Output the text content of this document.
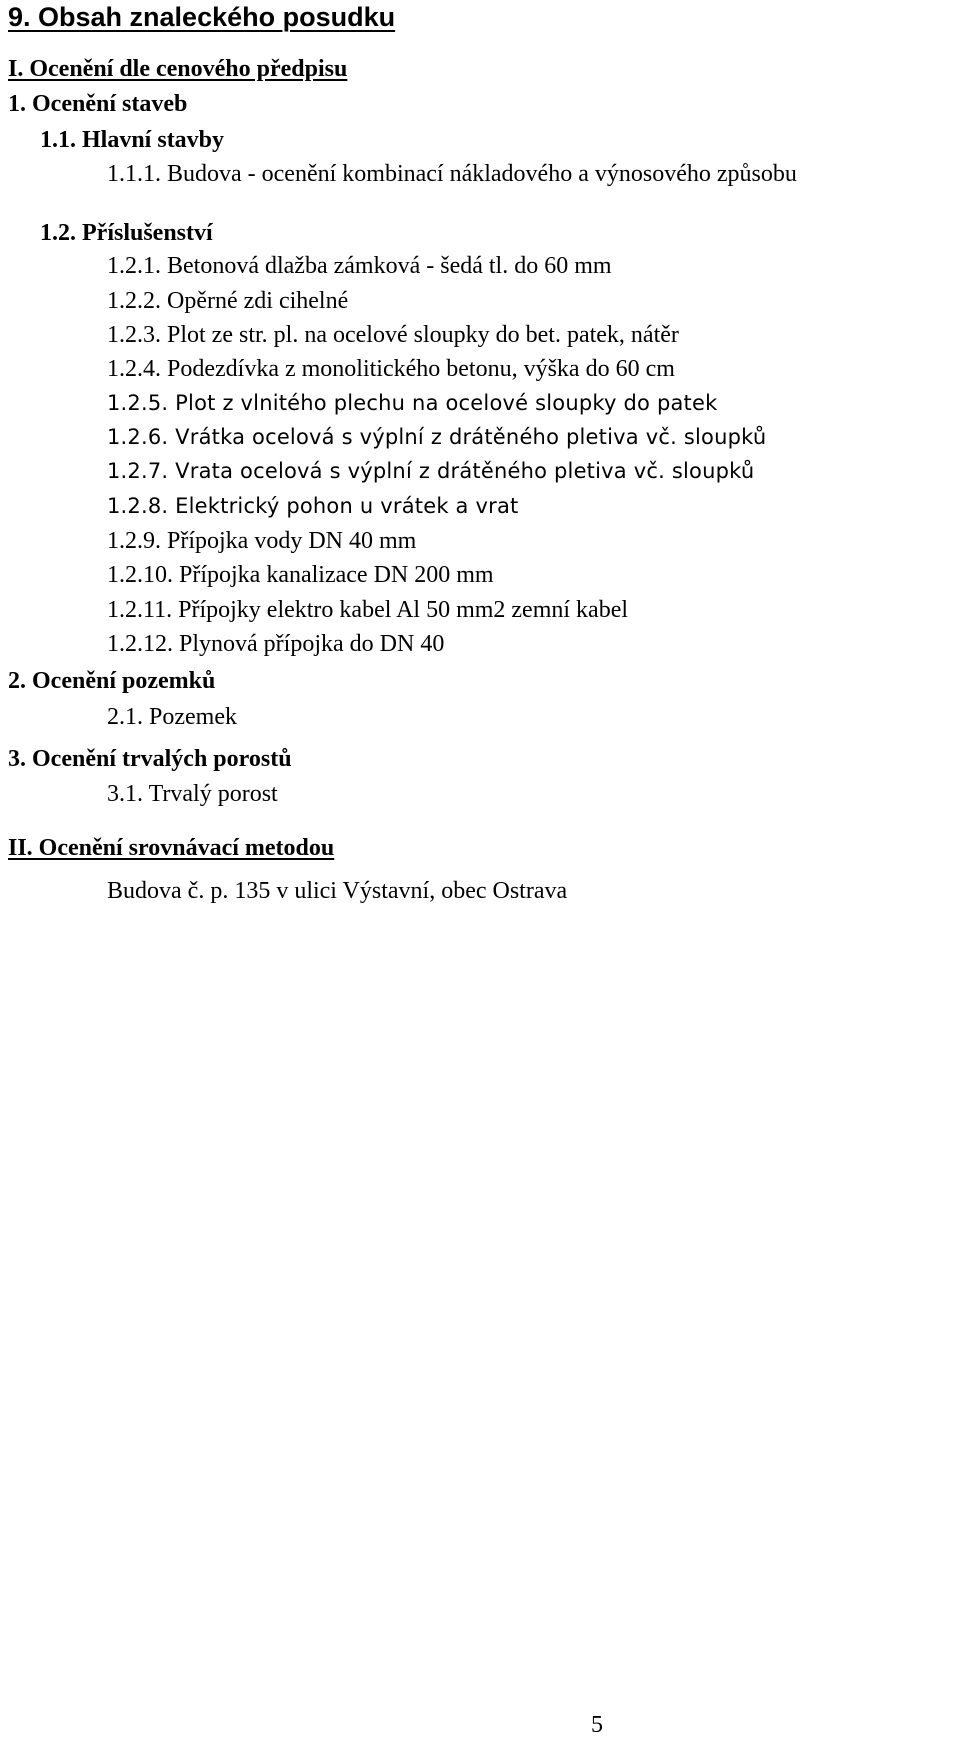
9. Obsah znaleckého posudku
I. Ocenění dle cenového předpisu
1. Ocenění staveb
1.1. Hlavní stavby
1.1.1. Budova - ocenění kombinací nákladového a výnosového způsobu
1.2. Příslušenství
1.2.1. Betonová dlažba zámková - šedá tl. do 60 mm
1.2.2. Opěrné zdi cihelné
1.2.3. Plot ze str. pl. na ocelové sloupky do bet. patek, nátěr
1.2.4. Podezdívka z monolitického betonu, výška do 60 cm
1.2.5. Plot z vlnitého plechu na ocelové sloupky do patek
1.2.6. Vrátka ocelová s výplní z drátěného pletiva vč. sloupků
1.2.7. Vrata ocelová s výplní z drátěného pletiva vč. sloupků
1.2.8. Elektrický pohon u vrátek a vrat
1.2.9. Přípojka vody DN 40 mm
1.2.10. Přípojka kanalizace DN 200 mm
1.2.11. Přípojky elektro kabel Al 50 mm2 zemní kabel
1.2.12. Plynová přípojka do DN 40
2. Ocenění pozemků
2.1. Pozemek
3. Ocenění trvalých porostů
3.1. Trvalý porost
II. Ocenění srovnávací metodou
Budova č. p. 135 v ulici Výstavní, obec Ostrava
5
